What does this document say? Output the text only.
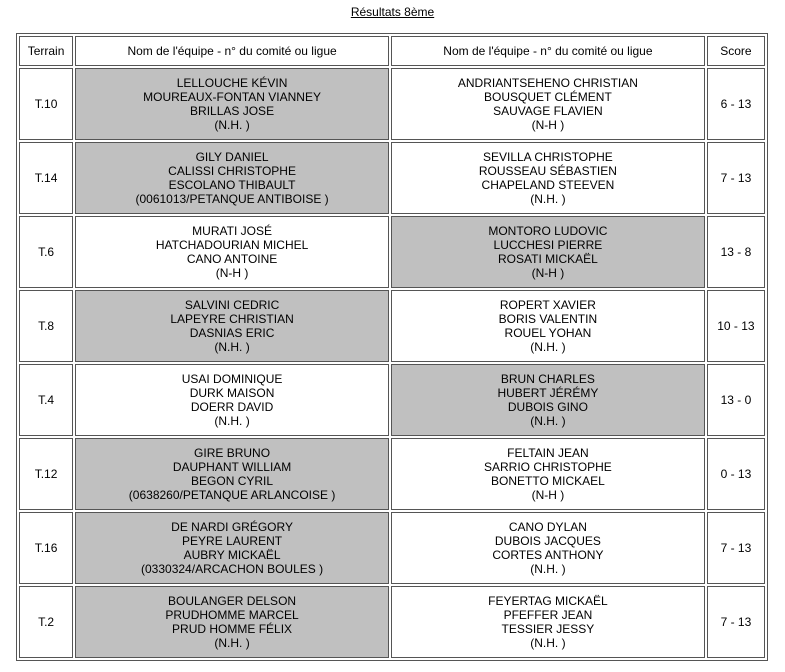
Résultats 8ème
Terrain	Nom de l'équipe - n° du comité ou ligue	Nom de l'équipe - n° du comité ou ligue	Score
T.10	LELLOUCHE KÉVIN
MOUREAUX-FONTAN VIANNEY
BRILLAS JOSE
(N.H. )	ANDRIANTSEHENO CHRISTIAN
BOUSQUET CLÉMENT
SAUVAGE FLAVIEN
(N-H )	6 - 13
T.14	GILY DANIEL
CALISSI CHRISTOPHE
ESCOLANO THIBAULT
(0061013/PETANQUE ANTIBOISE )	SEVILLA CHRISTOPHE
ROUSSEAU SÉBASTIEN
CHAPELAND STEEVEN
(N.H. )	7 - 13
T.6	MURATI JOSÉ
HATCHADOURIAN MICHEL
CANO ANTOINE
(N-H )	MONTORO LUDOVIC
LUCCHESI PIERRE
ROSATI MICKAËL
(N-H )	13 - 8
T.8	SALVINI CEDRIC
LAPEYRE CHRISTIAN
DASNIAS ERIC
(N.H. )	ROPERT XAVIER
BORIS VALENTIN
ROUEL YOHAN
(N.H. )	10 - 13
T.4	USAI DOMINIQUE
DURK MAISON
DOERR DAVID
(N.H. )	BRUN CHARLES
HUBERT JÉRÉMY
DUBOIS GINO
(N.H. )	13 - 0
T.12	GIRE BRUNO
DAUPHANT WILLIAM
BEGON CYRIL
(0638260/PETANQUE ARLANCOISE )	FELTAIN JEAN
SARRIO CHRISTOPHE
BONETTO MICKAEL
(N-H )	0 - 13
T.16	DE NARDI GRÉGORY
PEYRE LAURENT
AUBRY MICKAËL
(0330324/ARCACHON BOULES )	CANO DYLAN
DUBOIS JACQUES
CORTES ANTHONY
(N.H. )	7 - 13
T.2	BOULANGER DELSON
PRUDHOMME MARCEL
PRUD HOMME FÉLIX
(N.H. )	FEYERTAG MICKAËL
PFEFFER JEAN
TESSIER JESSY
(N.H. )	7 - 13
